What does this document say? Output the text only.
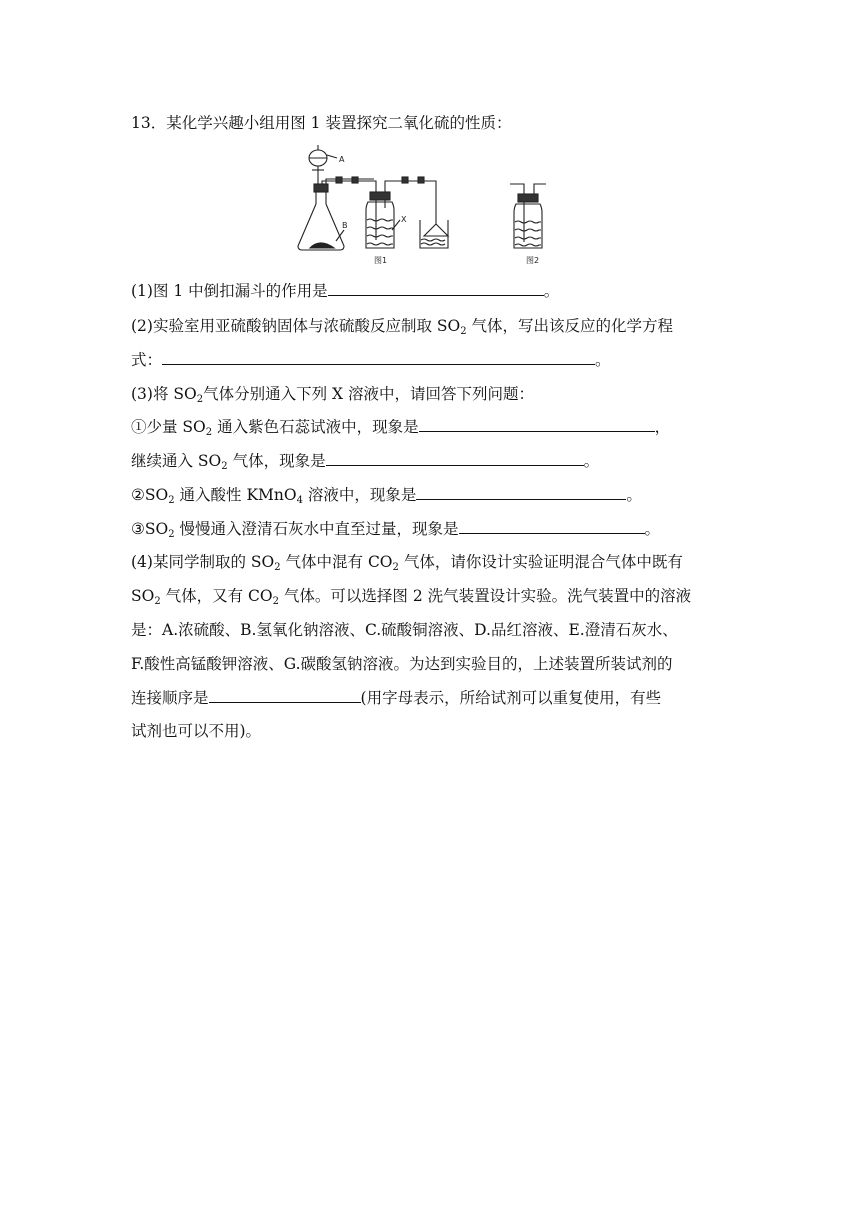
13．某化学兴趣小组用图 1 装置探究二氧化硫的性质：
A
B
X
图1	图2
(1)图 1 中倒扣漏斗的作用是	。
(2)实验室用亚硫酸钠固体与浓硫酸反应制取 $SO_2$ 气体，写出该反应的化学方程
式：	。
(3)将 $SO_2$气体分别通入下列 X 溶液中，请回答下列问题：
①少量 $SO_2$ 通入紫色石蕊试液中，现象是	，
继续通入 $SO_2$ 气体，现象是	。
$②SO_2$ 通入酸性 KMnO$_4$ 溶液中，现象是	。
$③SO_2$ 慢慢通入澄清石灰水中直至过量，现象是	。
(4)某同学制取的 $SO_2$ 气体中混有 $CO_2$ 气体，请你设计实验证明混合气体中既有
$SO_2$ 气体，又有 $CO_2$ 气体。可以选择图 2 洗气装置设计实验。洗气装置中的溶液
是：A.浓硫酸、B.氢氧化钠溶液、C.硫酸铜溶液、D.品红溶液、E.澄清石灰水、
F.酸性高锰酸钾溶液、G.碳酸氢钠溶液。为达到实验目的，上述装置所装试剂的
连接顺序是	(用字母表示，所给试剂可以重复使用，有些
试剂也可以不用)。
